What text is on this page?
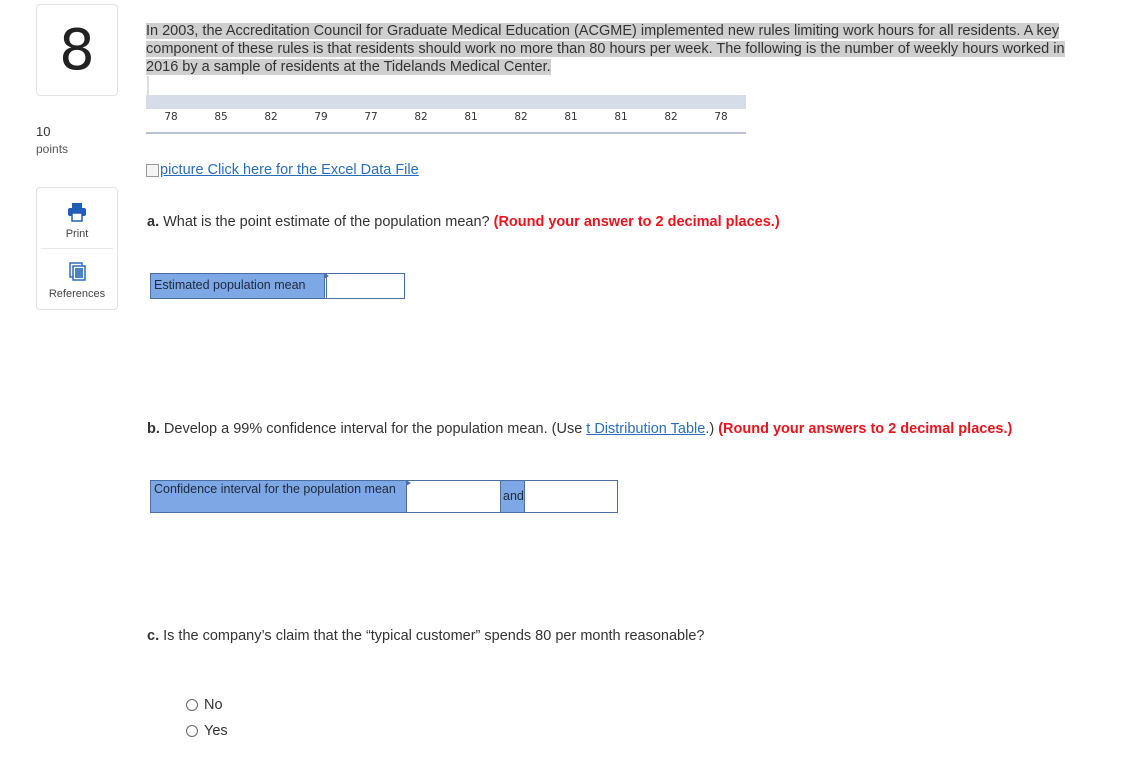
8
10
points
Print
References
In 2003, the Accreditation Council for Graduate Medical Education (ACGME) implemented new rules limiting work hours for all residents. A key component of these rules is that residents should work no more than 80 hours per week. The following is the number of weekly hours worked in 2016 by a sample of residents at the Tidelands Medical Center.
78	85	82	79	77	82	81	82	81	81	82	78
picture Click here for the Excel Data File
a. What is the point estimate of the population mean? (Round your answer to 2 decimal places.)
Estimated population mean
b. Develop a 99% confidence interval for the population mean. (Use t Distribution Table.) (Round your answers to 2 decimal places.)
Confidence interval for the population mean	and
c. Is the company’s claim that the “typical customer” spends 80 per month reasonable?
No
Yes
